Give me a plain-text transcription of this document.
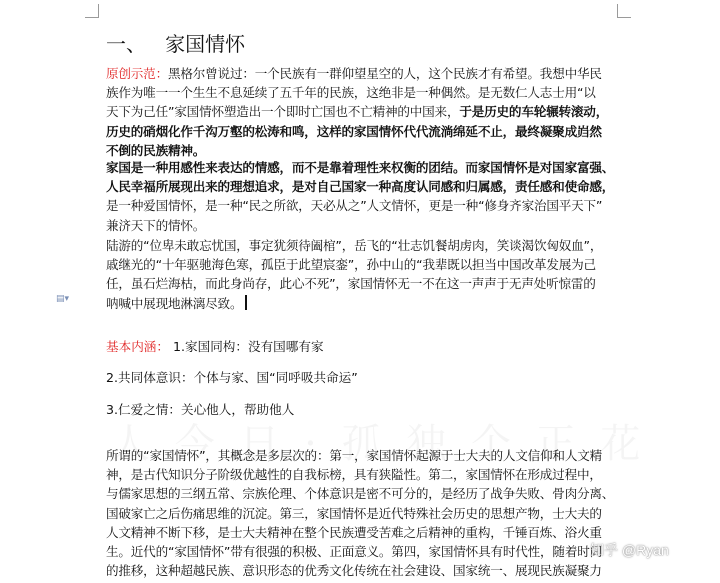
一、 家国情怀
原创示范：黑格尔曾说过：一个民族有一群仰望星空的人，这个民族才有希望。我想中华民
族作为唯一一个生生不息延续了五千年的民族，这绝非是一种偶然。是无数仁人志士用“以
天下为己任”家国情怀塑造出一个即时亡国也不亡精神的中国来，于是历史的车轮辗转滚动，
历史的硝烟化作千沟万壑的松涛和鸣，这样的家国情怀代代流淌绵延不止，最终凝聚成岿然
不倒的民族精神。
家国是一种用感性来表达的情感，而不是靠着理性来权衡的团结。而家国情怀是对国家富强、
人民幸福所展现出来的理想追求，是对自己国家一种高度认同感和归属感，责任感和使命感，
是一种爱国情怀，是一种“民之所欲，天必从之”人文情怀，更是一种“修身齐家治国平天下”
兼济天下的情怀。
陆游的“位卑未敢忘忧国，事定犹须待阖棺”，岳飞的“壮志饥餐胡虏肉，笑谈渴饮匈奴血”，
戚继光的“十年驱驰海色寒，孤臣于此望宸銮”，孙中山的“我辈既以担当中国改革发展为己
任，虽石烂海枯，而此身尚存，此心不死”，家国情怀无一不在这一声声于无声处听惊雷的
呐喊中展现地淋漓尽致。
▤▾
基本内涵： 1.家国同构：没有国哪有家
2.共同体意识：个体与家、国“同呼吸共命运”
3.仁爱之情：关心他人，帮助他人
所谓的“家国情怀”，其概念是多层次的：第一，家国情怀起源于士大夫的人文信仰和人文精
神，是古代知识分子阶级优越性的自我标榜，具有狭隘性。第二，家国情怀在形成过程中，
与儒家思想的三纲五常、宗族伦理、个体意识是密不可分的，是经历了战争失败、骨肉分离、
国破家亡之后伤痛思维的沉淀。第三，家国情怀是近代特殊社会历史的思想产物，士大夫的
人文精神不断下移，是士大夫精神在整个民族遭受苦难之后精神的重构，千锤百炼、浴火重
生。近代的“家国情怀”带有很强的积极、正面意义。第四，家国情怀具有时代性，随着时间
的推移，这种超越民族、意识形态的优秀文化传统在社会建设、国家统一、展现民族凝聚力
知乎 @Ryan
